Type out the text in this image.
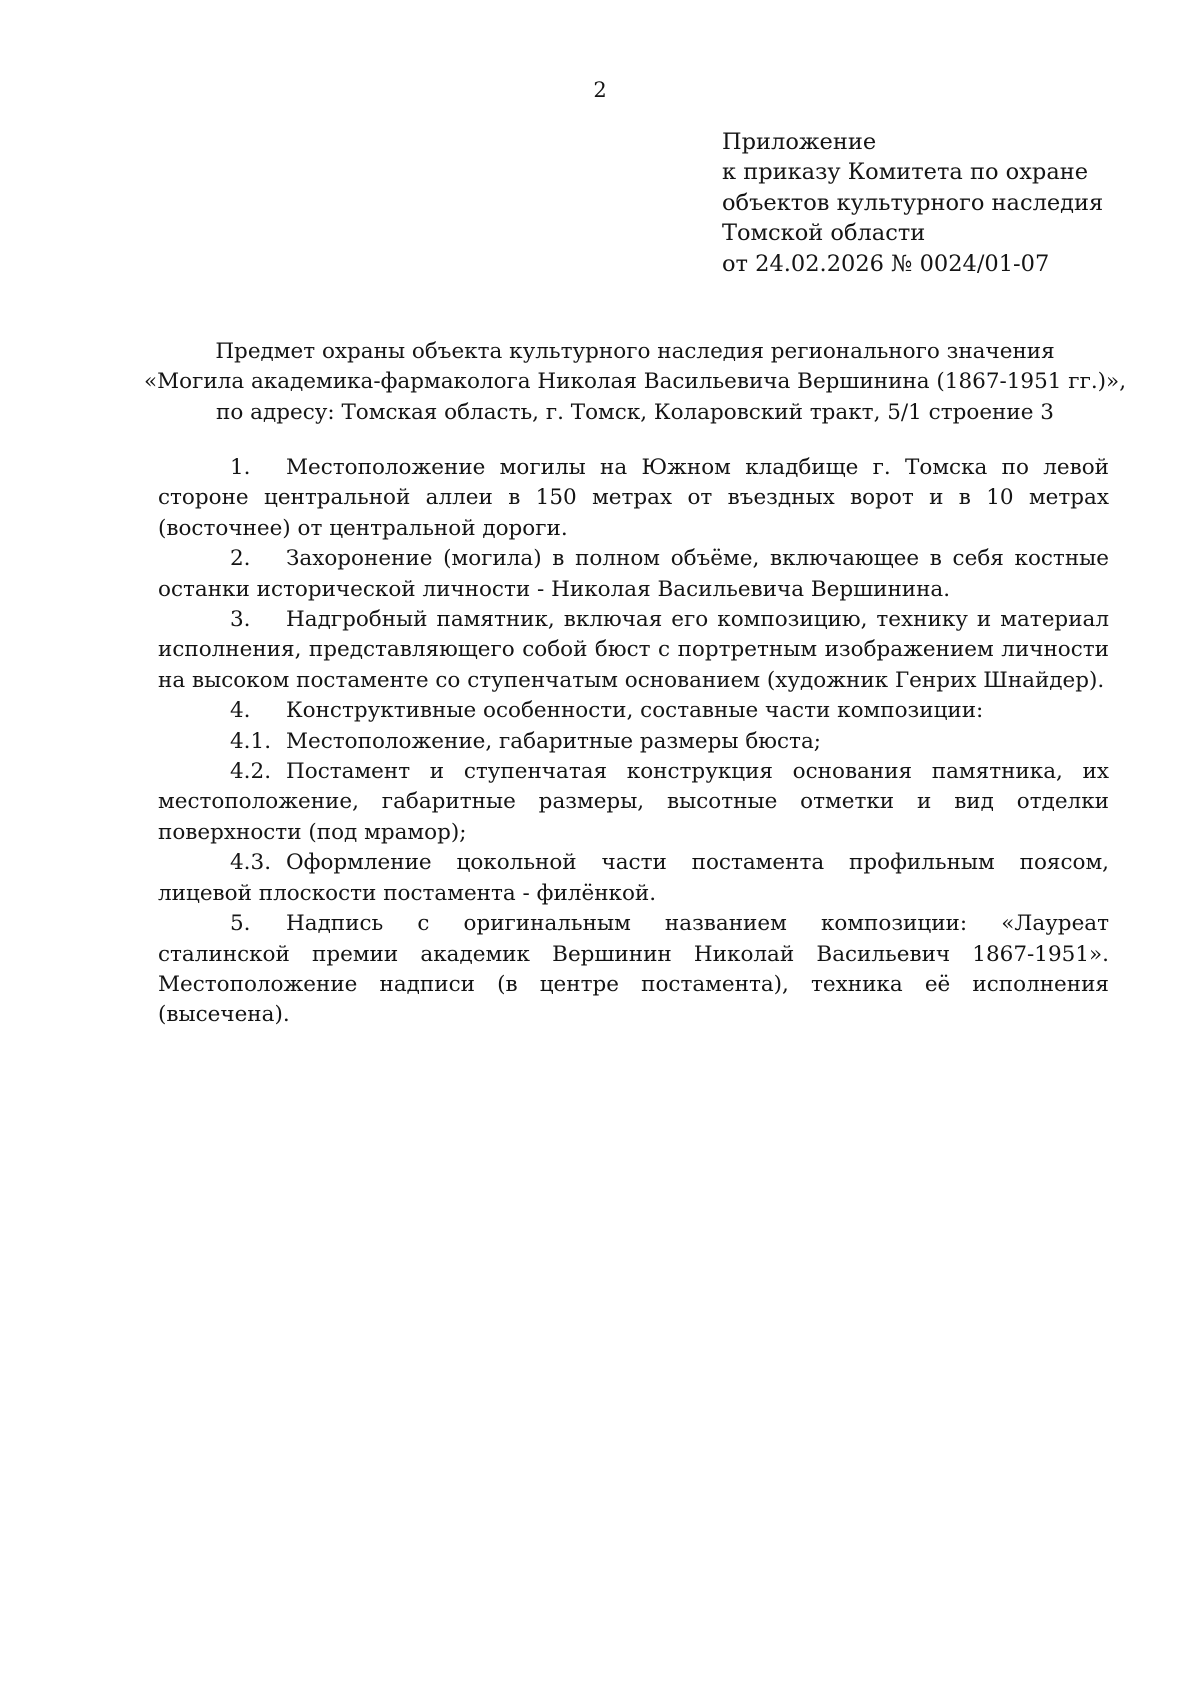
2
Приложение
к приказу Комитета по охране
объектов культурного наследия
Томской области
от 24.02.2026 № 0024/01-07
Предмет охраны объекта культурного наследия регионального значения
«Могила академика-фармаколога Николая Васильевича Вершинина (1867-1951 гг.)»,
по адресу: Томская область, г. Томск, Коларовский тракт, 5/1 строение 3

1. Местоположение могилы на Южном кладбище г. Томска по левой стороне центральной аллеи в 150 метрах от въездных ворот и в 10 метрах (восточнее) от центральной дороги.

2. Захоронение (могила) в полном объёме, включающее в себя костные останки исторической личности - Николая Васильевича Вершинина.

3. Надгробный памятник, включая его композицию, технику и материал исполнения, представляющего собой бюст с портретным изображением личности на высоком постаменте со ступенчатым основанием (художник Генрих Шнайдер).

4. Конструктивные особенности, составные части композиции:

4.1. Местоположение, габаритные размеры бюста;

4.2. Постамент и ступенчатая конструкция основания памятника, их местоположение, габаритные размеры, высотные отметки и вид отделки поверхности (под мрамор);

4.3. Оформление цокольной части постамента профильным поясом, лицевой плоскости постамента - филёнкой.

5. Надпись с оригинальным названием композиции: «Лауреат сталинской премии академик Вершинин Николай Васильевич 1867-1951». Местоположение надписи (в центре постамента), техника её исполнения (высечена).
